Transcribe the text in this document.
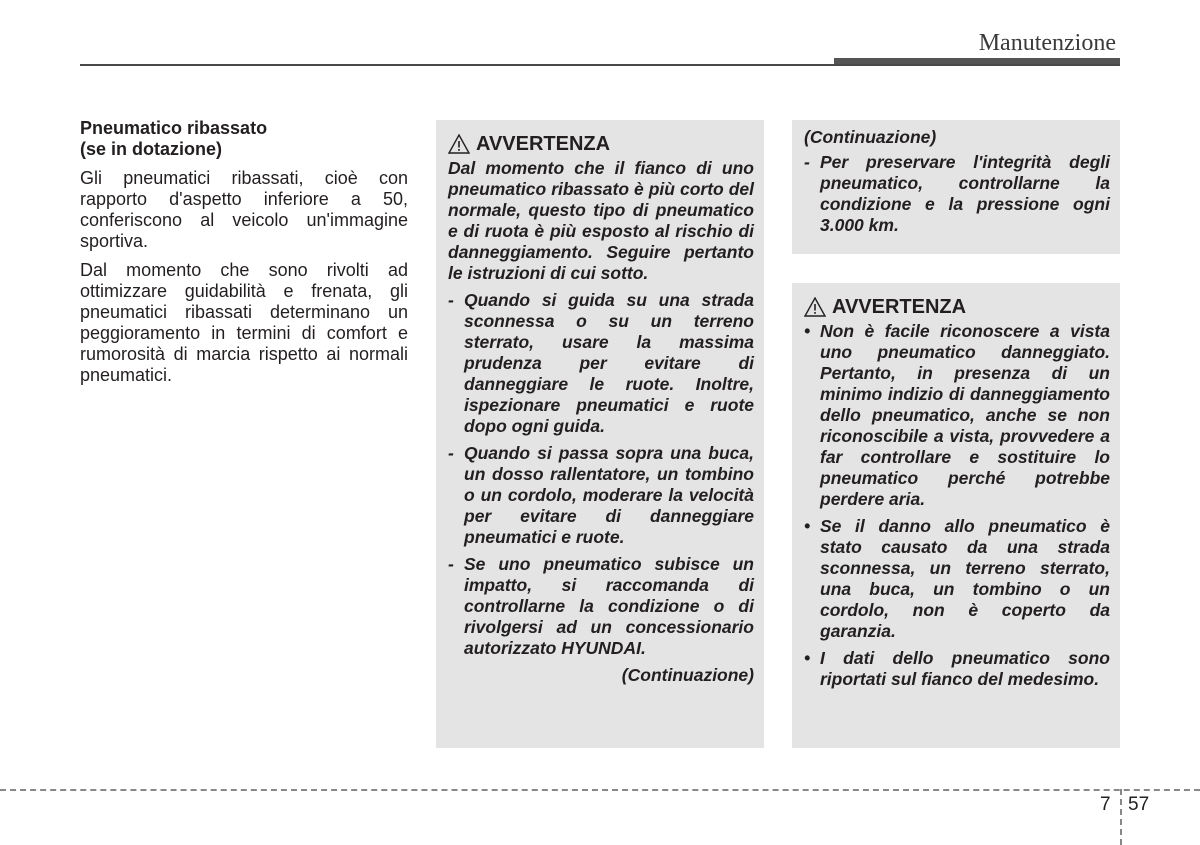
Manutenzione
Pneumatico ribassato
(se in dotazione)

Gli pneumatici ribassati, cioè con rapporto d'aspetto inferiore a 50, conferiscono al veicolo un'immagine sportiva.

Dal momento che sono rivolti ad ottimizzare guidabilità e frenata, gli pneumatici ribassati determinano un peggioramento in termini di comfort e rumorosità di marcia rispetto ai normali pneumatici.

AVVERTENZA

Dal momento che il fianco di uno pneumatico ribassato è più corto del normale, questo tipo di pneumatico e di ruota è più esposto al rischio di danneggiamento. Seguire pertanto le istruzioni di cui sotto.

- Quando si guida su una strada sconnessa o su un terreno sterrato, usare la massima prudenza per evitare di danneggiare le ruote. Inoltre, ispezionare pneumatici e ruote dopo ogni guida.

- Quando si passa sopra una buca, un dosso rallentatore, un tombino o un cordolo, moderare la velocità per evitare di danneggiare pneumatici e ruote.

- Se uno pneumatico subisce un impatto, si raccomanda di controllarne la condizione o di rivolgersi ad un concessionario autorizzato HYUNDAI.

(Continuazione)

(Continuazione)

- Per preservare l'integrità degli pneumatico, controllarne la condizione e la pressione ogni 3.000 km.

AVVERTENZA
• Non è facile riconoscere a vista uno pneumatico danneggiato. Pertanto, in presenza di un minimo indizio di danneggiamento dello pneumatico, anche se non riconoscibile a vista, provvedere a far controllare e sostituire lo pneumatico perché potrebbe perdere aria.

• Se il danno allo pneumatico è stato causato da una strada sconnessa, un terreno sterrato, una buca, un tombino o un cordolo, non è coperto da garanzia.

• I dati dello pneumatico sono riportati sul fianco del medesimo.

7 57
